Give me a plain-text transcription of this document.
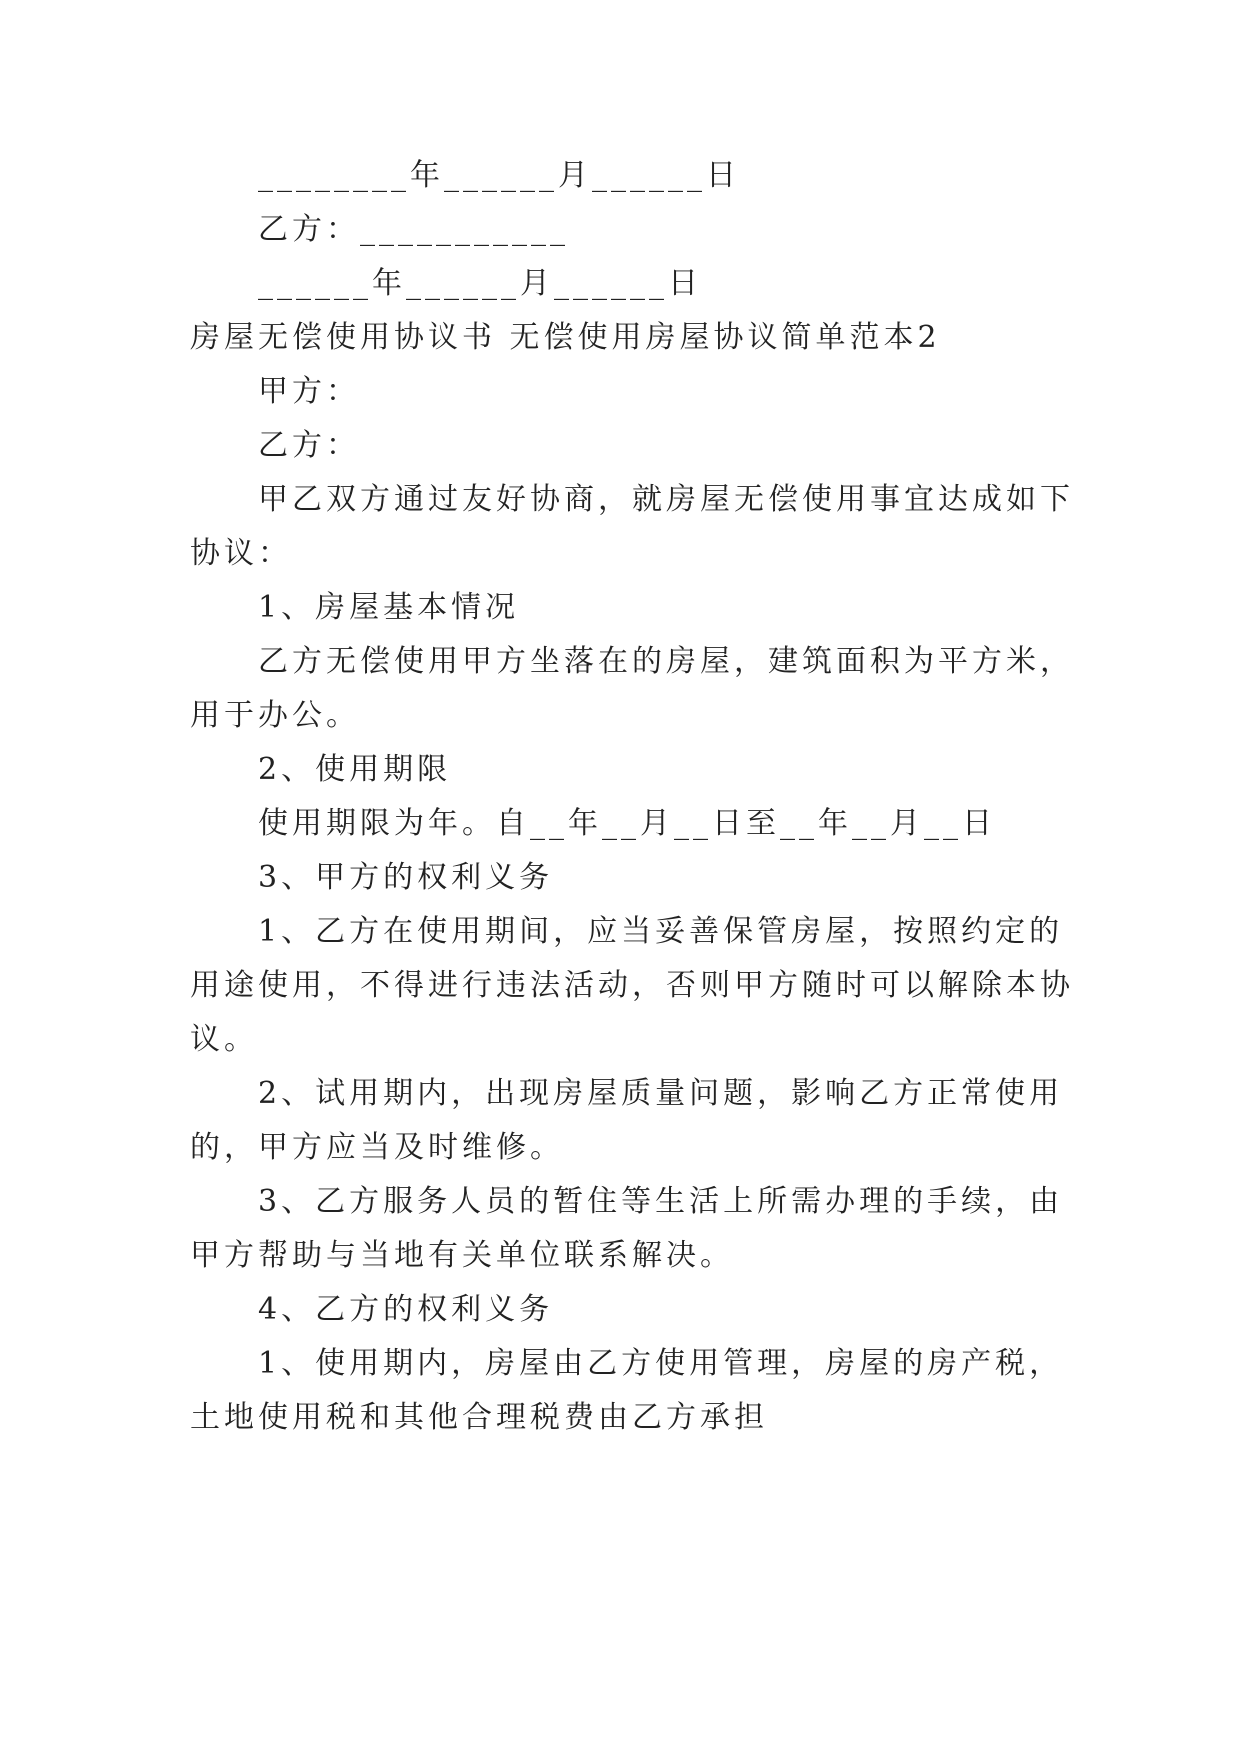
________年______月______日
乙方：___________
______年______月______日
房屋无偿使用协议书 无偿使用房屋协议简单范本2
甲方：
乙方：
甲乙双方通过友好协商，就房屋无偿使用事宜达成如下
协议：
1、房屋基本情况
乙方无偿使用甲方坐落在的房屋，建筑面积为平方米，
用于办公。
2、使用期限
使用期限为年。自__年__月__日至__年__月__日
3、甲方的权利义务
1、乙方在使用期间，应当妥善保管房屋，按照约定的
用途使用，不得进行违法活动，否则甲方随时可以解除本协
议。
2、试用期内，出现房屋质量问题，影响乙方正常使用
的，甲方应当及时维修。
3、乙方服务人员的暂住等生活上所需办理的手续，由
甲方帮助与当地有关单位联系解决。
4、乙方的权利义务
1、使用期内，房屋由乙方使用管理，房屋的房产税，
土地使用税和其他合理税费由乙方承担
